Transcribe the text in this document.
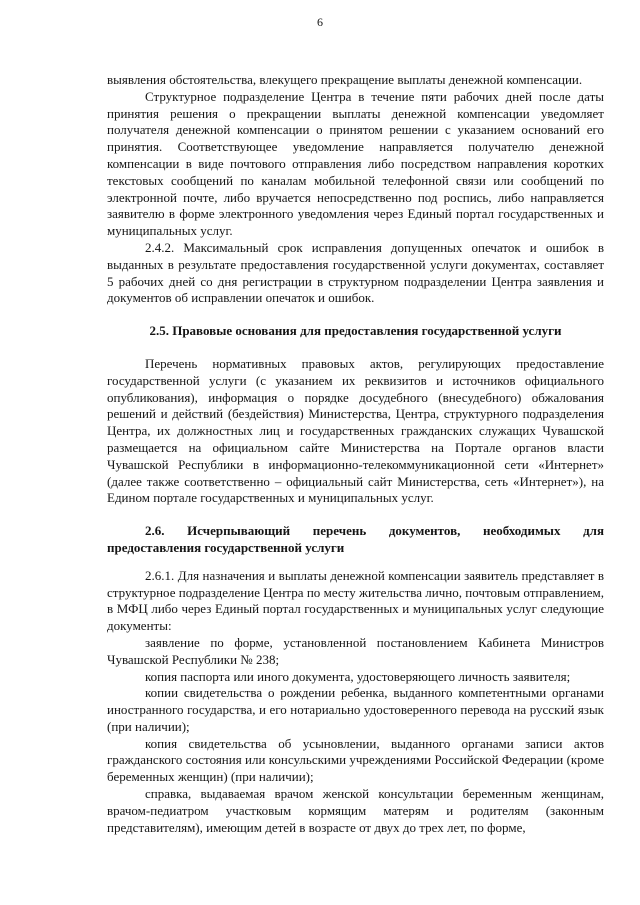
6

выявления обстоятельства, влекущего прекращение выплаты денежной компенсации.

Структурное подразделение Центра в течение пяти рабочих дней после даты принятия решения о прекращении выплаты денежной компенсации уведомляет получателя денежной компенсации о принятом решении с указанием оснований его принятия. Соответствующее уведомление направляется получателю денежной компенсации в виде почтового отправления либо посредством направления коротких текстовых сообщений по каналам мобильной телефонной связи или сообщений по электронной почте, либо вручается непосредственно под роспись, либо направляется заявителю в форме электронного уведомления через Единый портал государственных и муниципальных услуг.

2.4.2. Максимальный срок исправления допущенных опечаток и ошибок в выданных в результате предоставления государственной услуги документах, составляет 5 рабочих дней со дня регистрации в структурном подразделении Центра заявления и документов об исправлении опечаток и ошибок.

2.5. Правовые основания для предоставления государственной услуги

Перечень нормативных правовых актов, регулирующих предоставление государственной услуги (с указанием их реквизитов и источников официального опубликования), информация о порядке досудебного (внесудебного) обжалования решений и действий (бездействия) Министерства, Центра, структурного подразделения Центра, их должностных лиц и государственных гражданских служащих Чувашской размещается на официальном сайте Министерства на Портале органов власти Чувашской Республики в информационно-телекоммуникационной сети «Интернет» (далее также соответственно – официальный сайт Министерства, сеть «Интернет»), на Едином портале государственных и муниципальных услуг.

2.6. Исчерпывающий перечень документов, необходимых для предоставления государственной услуги

2.6.1. Для назначения и выплаты денежной компенсации заявитель представляет в структурное подразделение Центра по месту жительства лично, почтовым отправлением, в МФЦ либо через Единый портал государственных и муниципальных услуг следующие документы:

заявление по форме, установленной постановлением Кабинета Министров Чувашской Республики № 238;

копия паспорта или иного документа, удостоверяющего личность заявителя;

копии свидетельства о рождении ребенка, выданного компетентными органами иностранного государства, и его нотариально удостоверенного перевода на русский язык (при наличии);

копия свидетельства об усыновлении, выданного органами записи актов гражданского состояния или консульскими учреждениями Российской Федерации (кроме беременных женщин) (при наличии);

справка, выдаваемая врачом женской консультации беременным женщинам, врачом-педиатром участковым кормящим матерям и родителям (законным представителям), имеющим детей в возрасте от двух до трех лет, по форме,
